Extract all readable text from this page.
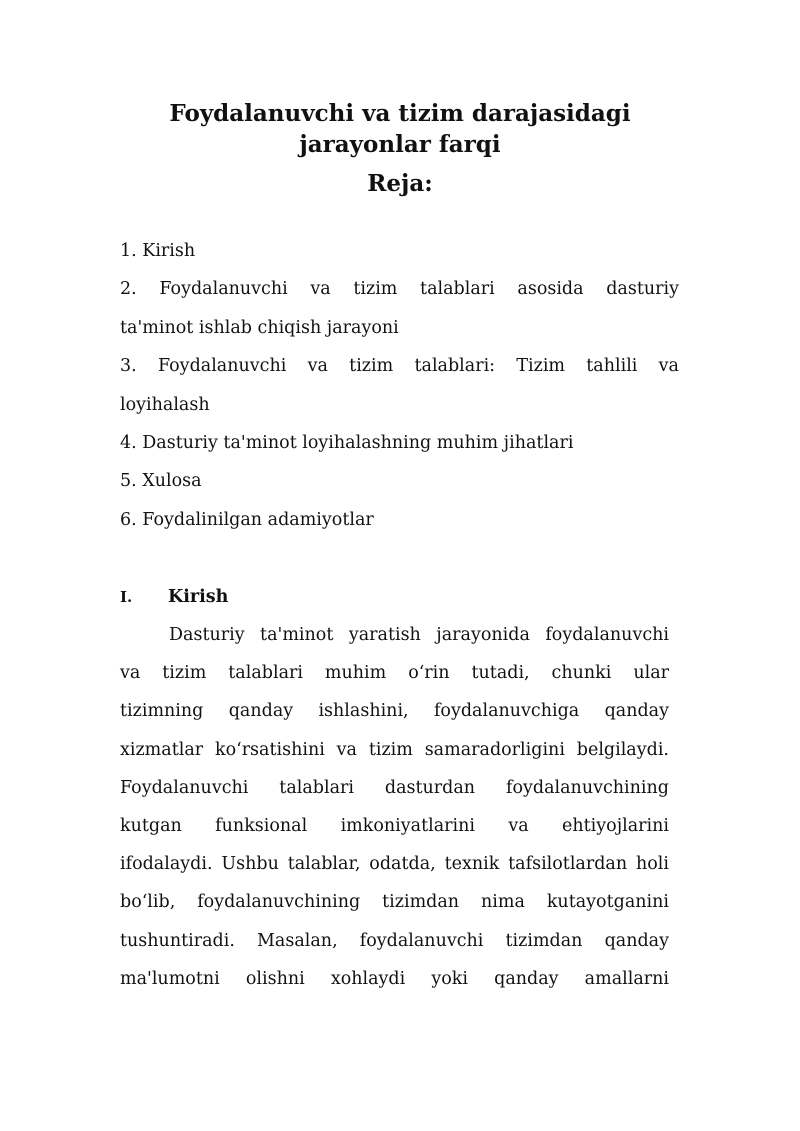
Foydalanuvchi va tizim darajasidagi
jarayonlar farqi
Reja:
1. Kirish
2. Foydalanuvchi va tizim talablari asosida dasturiy
ta'minot ishlab chiqish jarayoni
3. Foydalanuvchi va tizim talablari: Tizim tahlili va
loyihalash
4. Dasturiy ta'minot loyihalashning muhim jihatlari
5. Xulosa
6. Foydalinilgan adamiyotlar
I.	Kirish

Dasturiy ta'minot yaratish jarayonida foydalanuvchi
va tizim talablari muhim o‘rin tutadi, chunki ular
tizimning qanday ishlashini, foydalanuvchiga qanday
xizmatlar ko‘rsatishini va tizim samaradorligini belgilaydi.
Foydalanuvchi talablari dasturdan foydalanuvchining
kutgan funksional imkoniyatlarini va ehtiyojlarini
ifodalaydi. Ushbu talablar, odatda, texnik tafsilotlardan holi
bo‘lib, foydalanuvchining tizimdan nima kutayotganini
tushuntiradi. Masalan, foydalanuvchi tizimdan qanday
ma'lumotni olishni xohlaydi yoki qanday amallarni
